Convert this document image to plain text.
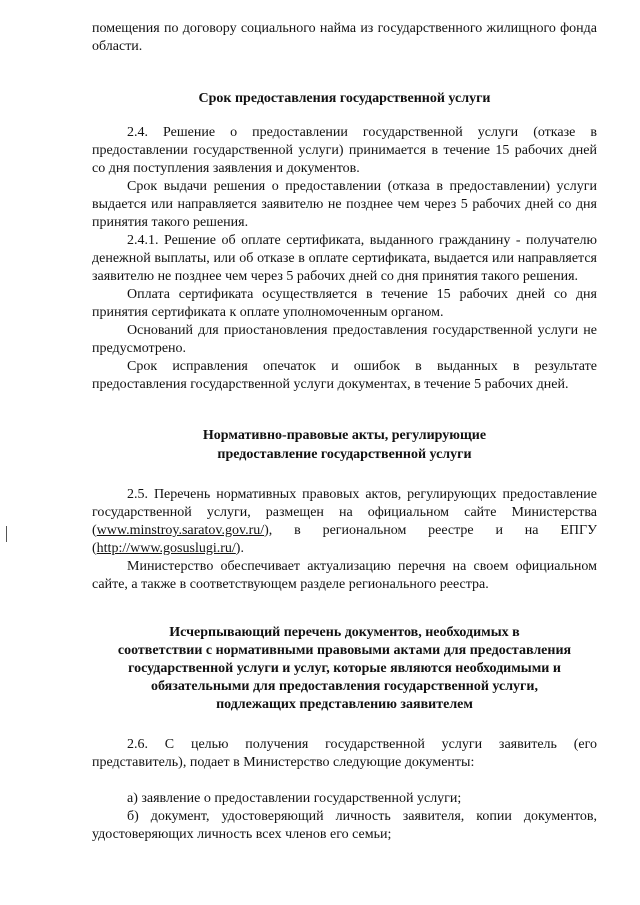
помещения по договору социального найма из государственного жилищного фонда области.

Срок предоставления государственной услуги

2.4. Решение о предоставлении государственной услуги (отказе в предоставлении государственной услуги) принимается в течение 15 рабочих дней со дня поступления заявления и документов.

Срок выдачи решения о предоставлении (отказа в предоставлении) услуги выдается или направляется заявителю не позднее чем через 5 рабочих дней со дня принятия такого решения.

2.4.1. Решение об оплате сертификата, выданного гражданину - получателю денежной выплаты, или об отказе в оплате сертификата, выдается или направляется заявителю не позднее чем через 5 рабочих дней со дня принятия такого решения.

Оплата сертификата осуществляется в течение 15 рабочих дней со дня принятия сертификата к оплате уполномоченным органом.

Оснований для приостановления предоставления государственной услуги не предусмотрено.

Срок исправления опечаток и ошибок в выданных в результате предоставления государственной услуги документах, в течение 5 рабочих дней.

Нормативно-правовые акты, регулирующие
предоставление государственной услуги

2.5. Перечень нормативных правовых актов, регулирующих предоставление государственной услуги, размещен на официальном сайте Министерства (www.minstroy.saratov.gov.ru/), в региональном реестре и на ЕПГУ (http://www.gosuslugi.ru/).

Министерство обеспечивает актуализацию перечня на своем официальном сайте, а также в соответствующем разделе регионального реестра.

Исчерпывающий перечень документов, необходимых в
соответствии с нормативными правовыми актами для предоставления
государственной услуги и услуг, которые являются необходимыми и
обязательными для предоставления государственной услуги,
подлежащих представлению заявителем

2.6. С целью получения государственной услуги заявитель (его представитель), подает в Министерство следующие документы:

а) заявление о предоставлении государственной услуги;

б) документ, удостоверяющий личность заявителя, копии документов, удостоверяющих личность всех членов его семьи;
